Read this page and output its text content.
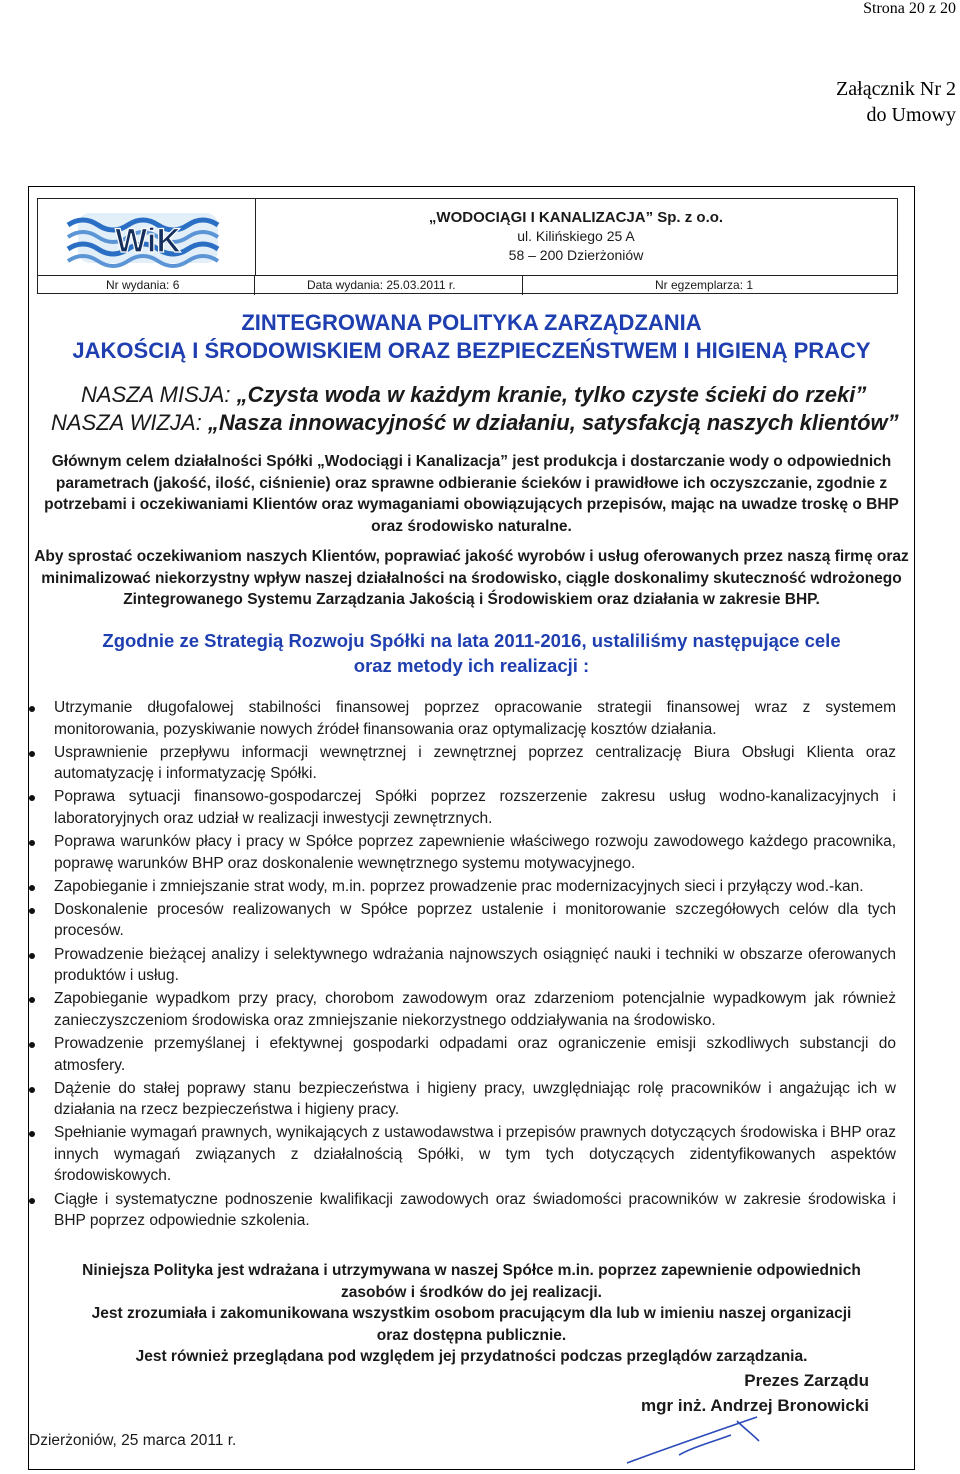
Strona 20 z 20
Załącznik Nr 2
do Umowy
WiK
„WODOCIĄGI I KANALIZACJA” Sp. z o.o.
ul. Kilińskiego 25 A
58 – 200 Dzierżoniów
Nr wydania: 6	Data wydania: 25.03.2011 r.	Nr egzemplarza: 1
ZINTEGROWANA POLITYKA ZARZĄDZANIA
JAKOŚCIĄ I ŚRODOWISKIEM ORAZ BEZPIECZEŃSTWEM I HIGIENĄ PRACY
NASZA MISJA: „Czysta woda w każdym kranie, tylko czyste ścieki do rzeki”
NASZA WIZJA: „Nasza innowacyjność w działaniu, satysfakcją naszych klientów”
Głównym celem działalności Spółki „Wodociągi i Kanalizacja” jest produkcja i dostarczanie wody o odpowiednich parametrach (jakość, ilość, ciśnienie) oraz sprawne odbieranie ścieków i prawidłowe ich oczyszczanie, zgodnie z potrzebami i oczekiwaniami Klientów oraz wymaganiami obowiązujących przepisów, mając na uwadze troskę o BHP oraz środowisko naturalne.
Aby sprostać oczekiwaniom naszych Klientów, poprawiać jakość wyrobów i usług oferowanych przez naszą firmę oraz minimalizować niekorzystny wpływ naszej działalności na środowisko, ciągle doskonalimy skuteczność wdrożonego Zintegrowanego Systemu Zarządzania Jakością i Środowiskiem oraz działania w zakresie BHP.
Zgodnie ze Strategią Rozwoju Spółki na lata 2011-2016, ustaliliśmy następujące cele
oraz metody ich realizacji :
Utrzymanie długofalowej stabilności finansowej poprzez opracowanie strategii finansowej wraz z systemem monitorowania, pozyskiwanie nowych źródeł finansowania oraz optymalizację kosztów działania.
Usprawnienie przepływu informacji wewnętrznej i zewnętrznej poprzez centralizację Biura Obsługi Klienta oraz automatyzację i informatyzację Spółki.
Poprawa sytuacji finansowo-gospodarczej Spółki poprzez rozszerzenie zakresu usług wodno-kanalizacyjnych i laboratoryjnych oraz udział w realizacji inwestycji zewnętrznych.
Poprawa warunków płacy i pracy w Spółce poprzez zapewnienie właściwego rozwoju zawodowego każdego pracownika, poprawę warunków BHP oraz doskonalenie wewnętrznego systemu motywacyjnego.
Zapobieganie i zmniejszanie strat wody, m.in. poprzez prowadzenie prac modernizacyjnych sieci i przyłączy wod.-kan.
Doskonalenie procesów realizowanych w Spółce poprzez ustalenie i monitorowanie szczegółowych celów dla tych procesów.
Prowadzenie bieżącej analizy i selektywnego wdrażania najnowszych osiągnięć nauki i techniki w obszarze oferowanych produktów i usług.
Zapobieganie wypadkom przy pracy, chorobom zawodowym oraz zdarzeniom potencjalnie wypadkowym jak również zanieczyszczeniom środowiska oraz zmniejszanie niekorzystnego oddziaływania na środowisko.
Prowadzenie przemyślanej i efektywnej gospodarki odpadami oraz ograniczenie emisji szkodliwych substancji do atmosfery.
Dążenie do stałej poprawy stanu bezpieczeństwa i higieny pracy, uwzględniając rolę pracowników i angażując ich w działania na rzecz bezpieczeństwa i higieny pracy.
Spełnianie wymagań prawnych, wynikających z ustawodawstwa i przepisów prawnych dotyczących środowiska i BHP oraz innych wymagań związanych z działalnością Spółki, w tym tych dotyczących zidentyfikowanych aspektów środowiskowych.
Ciągłe i systematyczne podnoszenie kwalifikacji zawodowych oraz świadomości pracowników w zakresie środowiska i BHP poprzez odpowiednie szkolenia.
Niniejsza Polityka jest wdrażana i utrzymywana w naszej Spółce m.in. poprzez zapewnienie odpowiednich
zasobów i środków do jej realizacji.
Jest zrozumiała i zakomunikowana wszystkim osobom pracującym dla lub w imieniu naszej organizacji
oraz dostępna publicznie.
Jest również przeglądana pod względem jej przydatności podczas przeglądów zarządzania.
Prezes Zarządu
mgr inż. Andrzej Bronowicki
Dzierżoniów, 25 marca 2011 r.
